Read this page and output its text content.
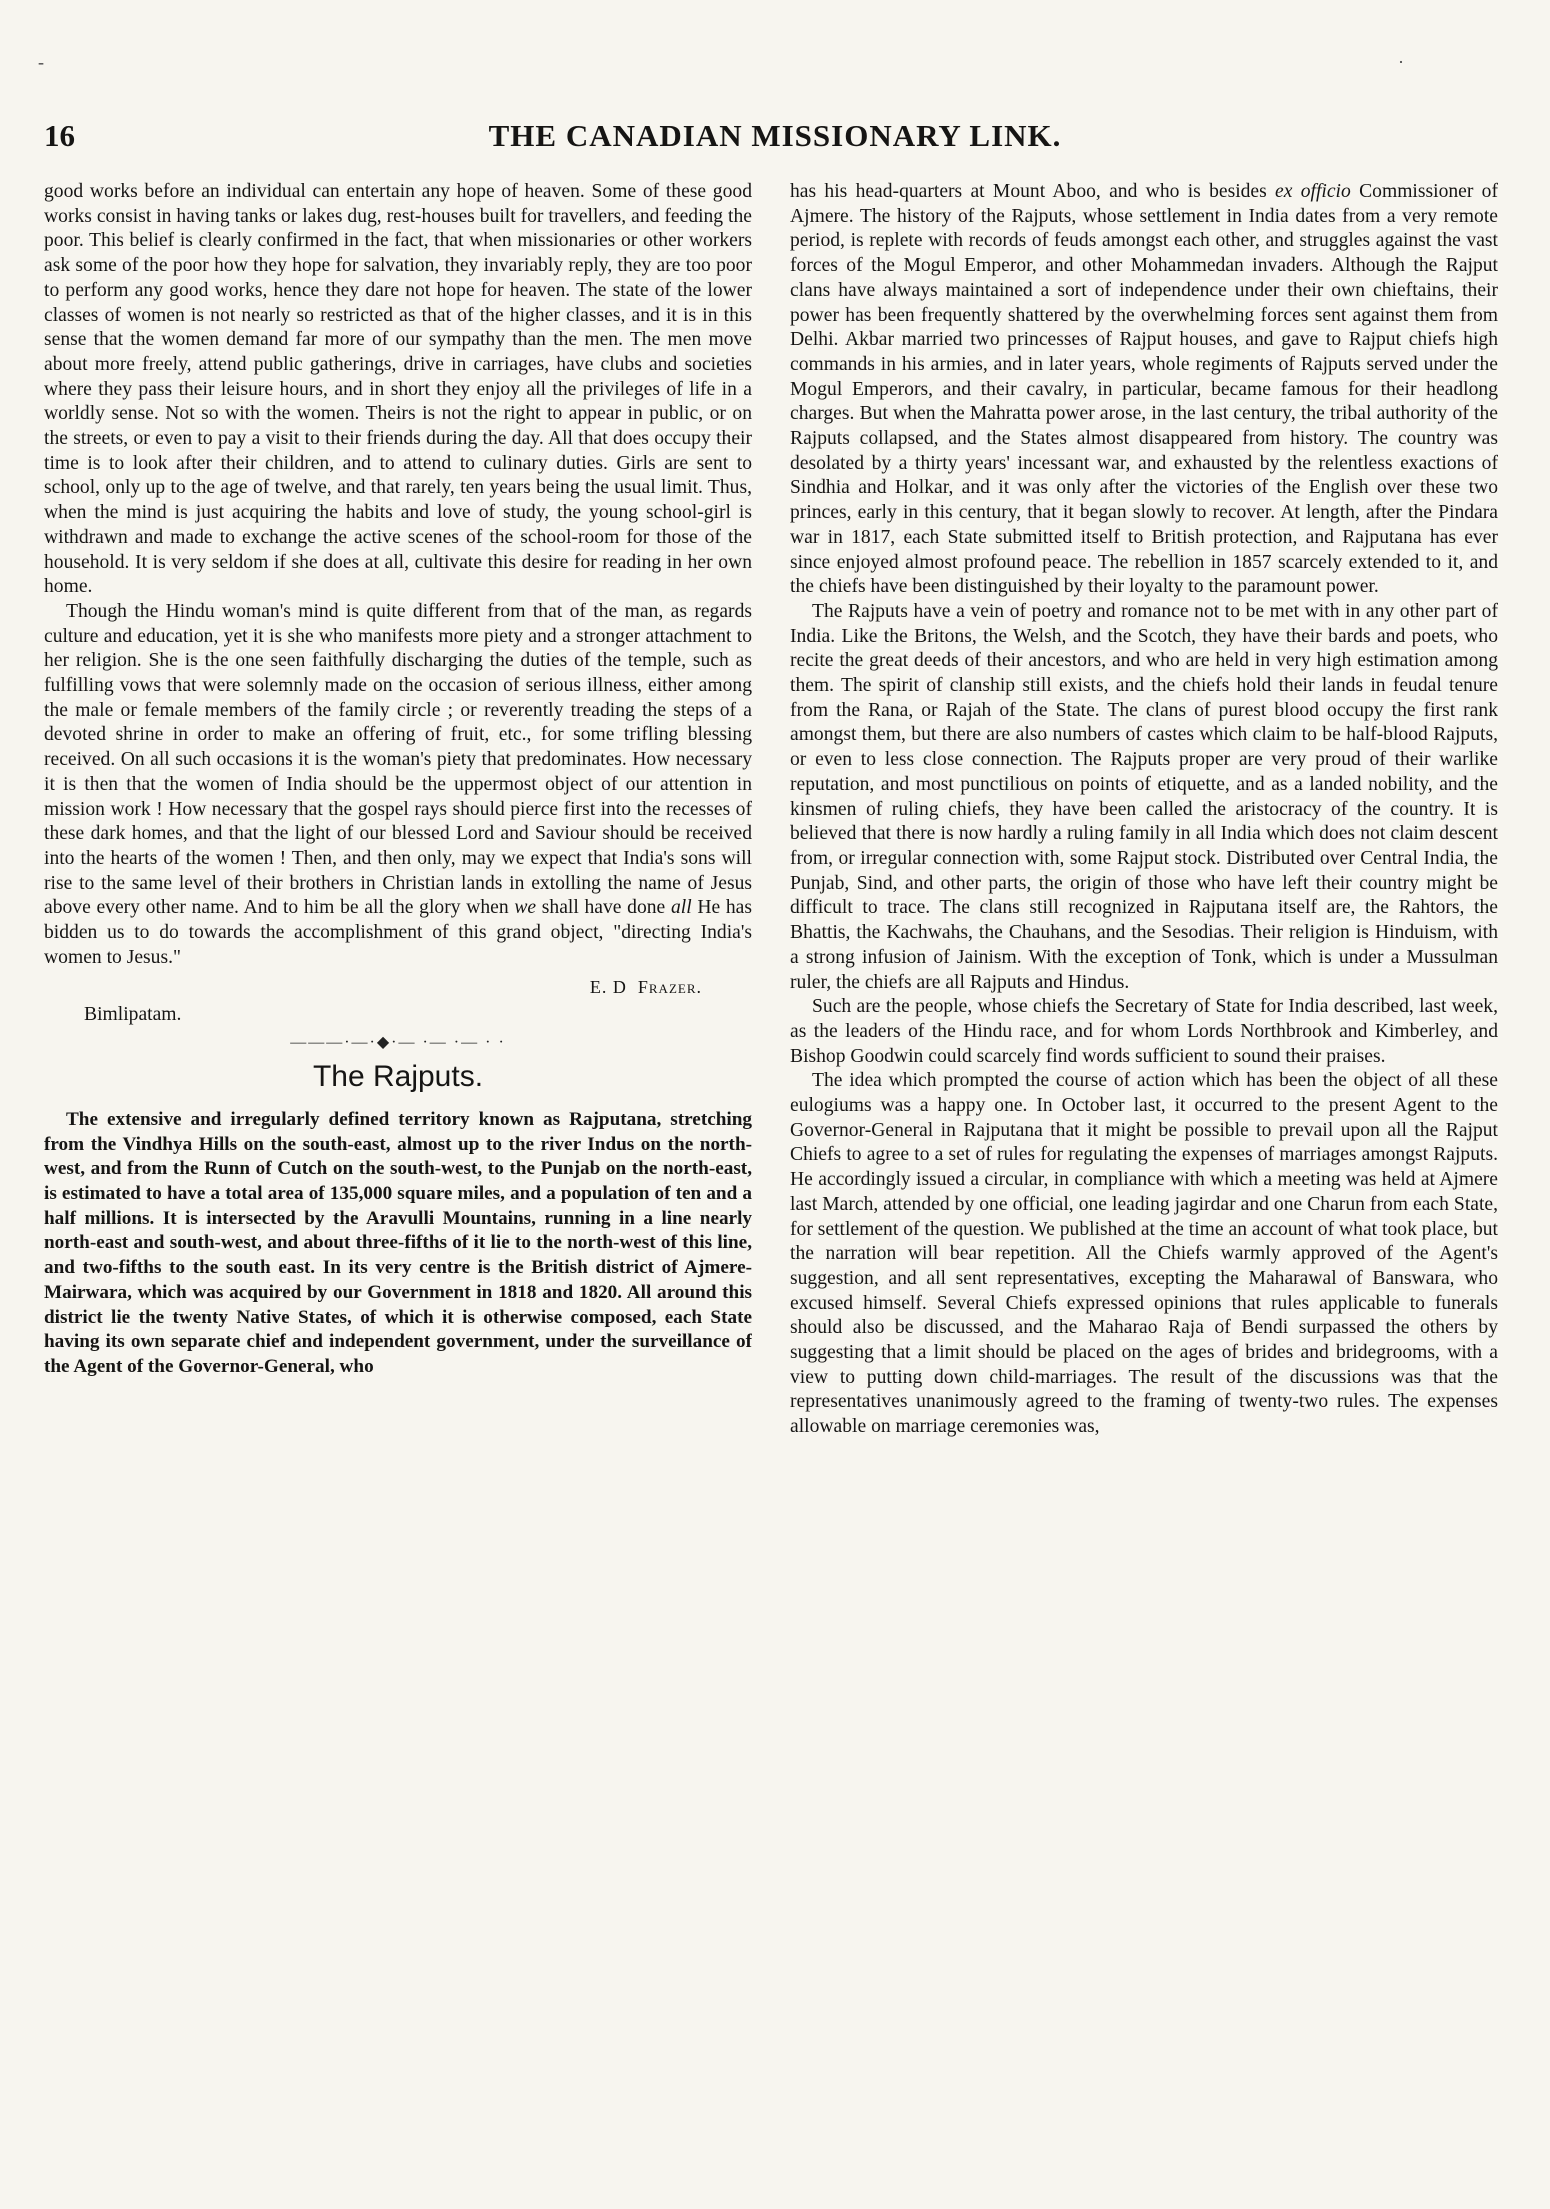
-	·
16	THE CANADIAN MISSIONARY LINK.

good works before an individual can entertain any hope of heaven. Some of these good works consist in having tanks or lakes dug, rest-houses built for travellers, and feeding the poor. This belief is clearly confirmed in the fact, that when missionaries or other workers ask some of the poor how they hope for salvation, they invariably reply, they are too poor to perform any good works, hence they dare not hope for heaven. The state of the lower classes of women is not nearly so restricted as that of the higher classes, and it is in this sense that the women demand far more of our sympathy than the men. The men move about more freely, attend public gatherings, drive in carriages, have clubs and societies where they pass their leisure hours, and in short they enjoy all the privileges of life in a worldly sense. Not so with the women. Theirs is not the right to appear in public, or on the streets, or even to pay a visit to their friends during the day. All that does occupy their time is to look after their children, and to attend to culinary duties. Girls are sent to school, only up to the age of twelve, and that rarely, ten years being the usual limit. Thus, when the mind is just acquiring the habits and love of study, the young school-girl is withdrawn and made to exchange the active scenes of the school-room for those of the household. It is very seldom if she does at all, cultivate this desire for reading in her own home.

Though the Hindu woman's mind is quite different from that of the man, as regards culture and education, yet it is she who manifests more piety and a stronger attachment to her religion. She is the one seen faithfully discharging the duties of the temple, such as fulfilling vows that were solemnly made on the occasion of serious illness, either among the male or female members of the family circle ; or reverently treading the steps of a devoted shrine in order to make an offering of fruit, etc., for some trifling blessing received. On all such occasions it is the woman's piety that predominates. How necessary it is then that the women of India should be the uppermost object of our attention in mission work ! How necessary that the gospel rays should pierce first into the recesses of these dark homes, and that the light of our blessed Lord and Saviour should be received into the hearts of the women ! Then, and then only, may we expect that India's sons will rise to the same level of their brothers in Christian lands in extolling the name of Jesus above every other name. And to him be all the glory when we shall have done all He has bidden us to do towards the accomplishment of this grand object, "directing India's women to Jesus."

E. D Frazer.
Bimlipatam.
———·—·◆·— ·— ·— · ·
The Rajputs.

The extensive and irregularly defined territory known as Rajputana, stretching from the Vindhya Hills on the south-east, almost up to the river Indus on the north-west, and from the Runn of Cutch on the south-west, to the Punjab on the north-east, is estimated to have a total area of 135,000 square miles, and a population of ten and a half millions. It is intersected by the Aravulli Mountains, running in a line nearly north-east and south-west, and about three-fifths of it lie to the north-west of this line, and two-fifths to the south east. In its very centre is the British district of Ajmere-Mairwara, which was acquired by our Government in 1818 and 1820. All around this district lie the twenty Native States, of which it is otherwise composed, each State having its own separate chief and independent government, under the surveillance of the Agent of the Governor-General, who

has his head-quarters at Mount Aboo, and who is besides ex officio Commissioner of Ajmere. The history of the Rajputs, whose settlement in India dates from a very remote period, is replete with records of feuds amongst each other, and struggles against the vast forces of the Mogul Emperor, and other Mohammedan invaders. Although the Rajput clans have always maintained a sort of independence under their own chieftains, their power has been frequently shattered by the overwhelming forces sent against them from Delhi. Akbar married two princesses of Rajput houses, and gave to Rajput chiefs high commands in his armies, and in later years, whole regiments of Rajputs served under the Mogul Emperors, and their cavalry, in particular, became famous for their headlong charges. But when the Mahratta power arose, in the last century, the tribal authority of the Rajputs collapsed, and the States almost disappeared from history. The country was desolated by a thirty years' incessant war, and exhausted by the relentless exactions of Sindhia and Holkar, and it was only after the victories of the English over these two princes, early in this century, that it began slowly to recover. At length, after the Pindara war in 1817, each State submitted itself to British protection, and Rajputana has ever since enjoyed almost profound peace. The rebellion in 1857 scarcely extended to it, and the chiefs have been distinguished by their loyalty to the paramount power.

The Rajputs have a vein of poetry and romance not to be met with in any other part of India. Like the Britons, the Welsh, and the Scotch, they have their bards and poets, who recite the great deeds of their ancestors, and who are held in very high estimation among them. The spirit of clanship still exists, and the chiefs hold their lands in feudal tenure from the Rana, or Rajah of the State. The clans of purest blood occupy the first rank amongst them, but there are also numbers of castes which claim to be half-blood Rajputs, or even to less close connection. The Rajputs proper are very proud of their warlike reputation, and most punctilious on points of etiquette, and as a landed nobility, and the kinsmen of ruling chiefs, they have been called the aristocracy of the country. It is believed that there is now hardly a ruling family in all India which does not claim descent from, or irregular connection with, some Rajput stock. Distributed over Central India, the Punjab, Sind, and other parts, the origin of those who have left their country might be difficult to trace. The clans still recognized in Rajputana itself are, the Rahtors, the Bhattis, the Kachwahs, the Chauhans, and the Sesodias. Their religion is Hinduism, with a strong infusion of Jainism. With the exception of Tonk, which is under a Mussulman ruler, the chiefs are all Rajputs and Hindus.

Such are the people, whose chiefs the Secretary of State for India described, last week, as the leaders of the Hindu race, and for whom Lords Northbrook and Kimberley, and Bishop Goodwin could scarcely find words sufficient to sound their praises.

The idea which prompted the course of action which has been the object of all these eulogiums was a happy one. In October last, it occurred to the present Agent to the Governor-General in Rajputana that it might be possible to prevail upon all the Rajput Chiefs to agree to a set of rules for regulating the expenses of marriages amongst Rajputs. He accordingly issued a circular, in compliance with which a meeting was held at Ajmere last March, attended by one official, one leading jagirdar and one Charun from each State, for settlement of the question. We published at the time an account of what took place, but the narration will bear repetition. All the Chiefs warmly approved of the Agent's suggestion, and all sent representatives, excepting the Maharawal of Banswara, who excused himself. Several Chiefs expressed opinions that rules applicable to funerals should also be discussed, and the Maharao Raja of Bendi surpassed the others by suggesting that a limit should be placed on the ages of brides and bridegrooms, with a view to putting down child-marriages. The result of the discussions was that the representatives unanimously agreed to the framing of twenty-two rules. The expenses allowable on marriage ceremonies was,
